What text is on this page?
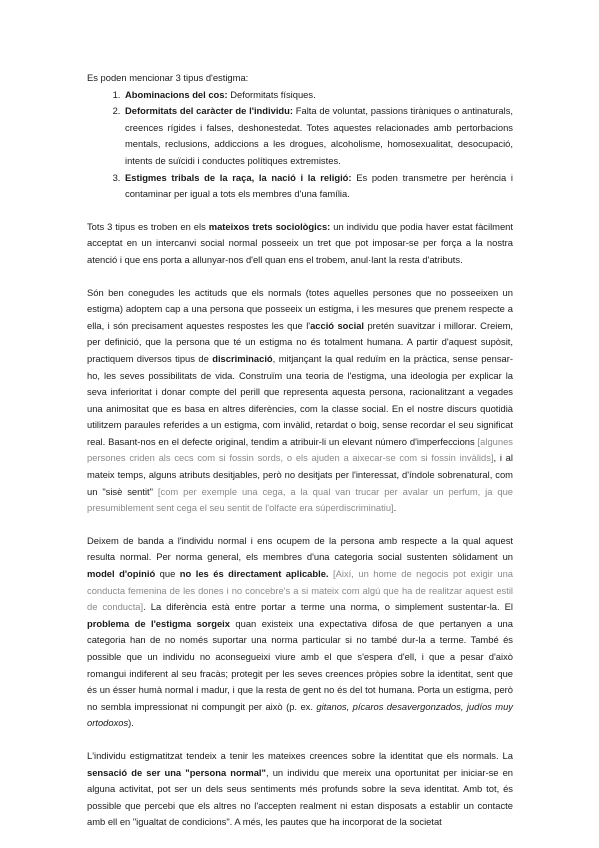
Es poden mencionar 3 tipus d'estigma:

1. Abominacions del cos: Deformitats físiques.
2. Deformitats del caràcter de l'individu: Falta de voluntat, passions tiràniques o antinaturals, creences rígides i falses, deshonestedat. Totes aquestes relacionades amb pertorbacions mentals, reclusions, addiccions a les drogues, alcoholisme, homosexualitat, desocupació, intents de suïcidi i conductes polítiques extremistes.
3. Estigmes tribals de la raça, la nació i la religió: Es poden transmetre per herència i contaminar per igual a tots els membres d'una família.

Tots 3 tipus es troben en els mateixos trets sociològics: un individu que podia haver estat fàcilment acceptat en un intercanvi social normal posseeix un tret que pot imposar-se per força a la nostra atenció i que ens porta a allunyar-nos d'ell quan ens el trobem, anul·lant la resta d'atributs.

Són ben conegudes les actituds que els normals (totes aquelles persones que no posseeixen un estigma) adoptem cap a una persona que posseeix un estigma, i les mesures que prenem respecte a ella, i són precisament aquestes respostes les que l'acció social pretén suavitzar i millorar. Creiem, per definició, que la persona que té un estigma no és totalment humana. A partir d'aquest supòsit, practiquem diversos tipus de discriminació, mitjançant la qual reduïm en la pràctica, sense pensar-ho, les seves possibilitats de vida. Construïm una teoria de l'estigma, una ideologia per explicar la seva inferioritat i donar compte del perill que representa aquesta persona, racionalitzant a vegades una animositat que es basa en altres diferències, com la classe social. En el nostre discurs quotidià utilitzem paraules referides a un estigma, com invàlid, retardat o boig, sense recordar el seu significat real. Basant-nos en el defecte original, tendim a atribuir-li un elevant número d'imperfeccions [algunes persones criden als cecs com si fossin sords, o els ajuden a aixecar-se com si fossin invàlids], i al mateix temps, alguns atributs desitjables, però no desitjats per l'interessat, d'índole sobrenatural, com un "sisè sentit" [com per exemple una cega, a la qual van trucar per avalar un perfum, ja que presumiblement sent cega el seu sentit de l'olfacte era súperdiscriminatiu].

Deixem de banda a l'individu normal i ens ocupem de la persona amb respecte a la qual aquest resulta normal. Per norma general, els membres d'una categoria social sustenten sòlidament un model d'opinió que no les és directament aplicable. [Així, un home de negocis pot exigir una conducta femenina de les dones i no concebre's a si mateix com algú que ha de realitzar aquest estil de conducta]. La diferència està entre portar a terme una norma, o simplement sustentar-la. El problema de l'estigma sorgeix quan existeix una expectativa difosa de que pertanyen a una categoria han de no només suportar una norma particular si no també dur-la a terme. També és possible que un individu no aconsegueixi viure amb el que s'espera d'ell, i que a pesar d'això romangui indiferent al seu fracàs; protegit per les seves creences pròpies sobre la identitat, sent que és un ésser humà normal i madur, i que la resta de gent no és del tot humana. Porta un estigma, però no sembla impressionat ni compungit per això (p. ex. gitanos, pícaros desavergonzados, judíos muy ortodoxos).

L'individu estigmatitzat tendeix a tenir les mateixes creences sobre la identitat que els normals. La sensació de ser una "persona normal", un individu que mereix una oportunitat per iniciar-se en alguna activitat, pot ser un dels seus sentiments més profunds sobre la seva identitat. Amb tot, és possible que percebi que els altres no l'accepten realment ni estan disposats a establir un contacte amb ell en "igualtat de condicions". A més, les pautes que ha incorporat de la societat
